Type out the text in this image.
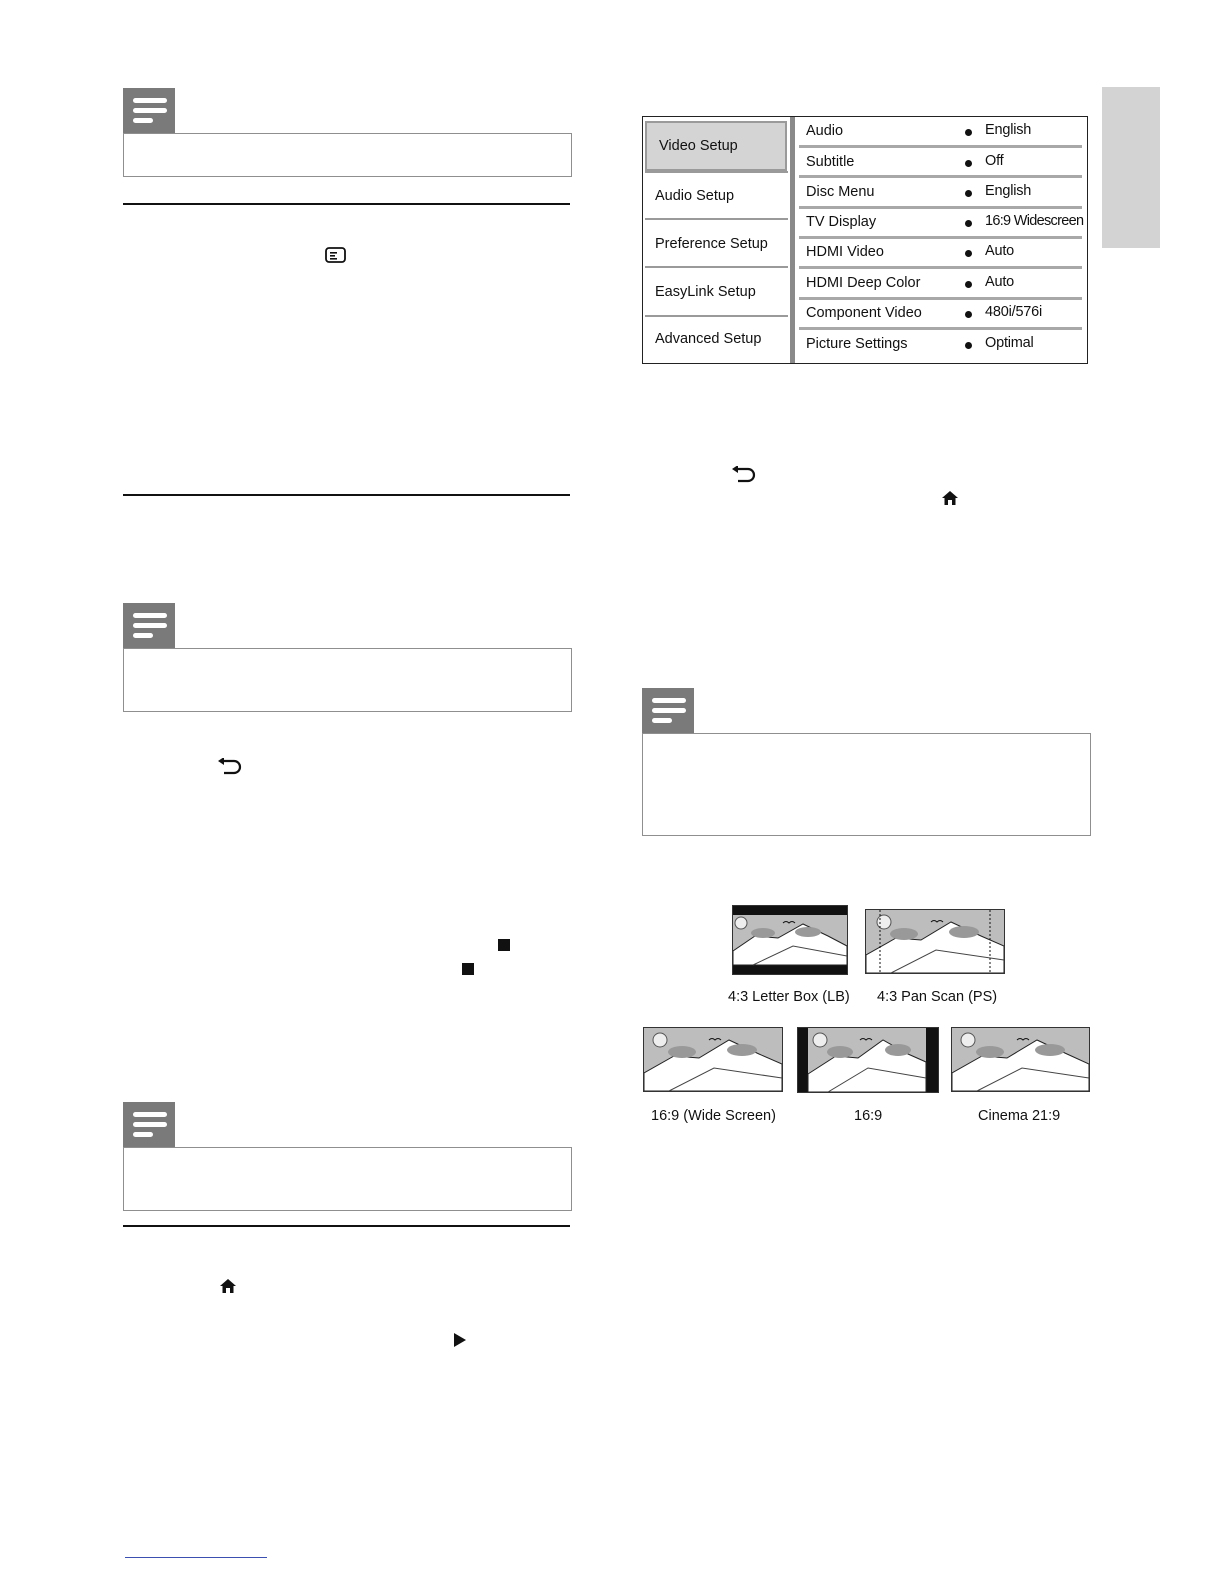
Video Setup
Audio Setup
Preference Setup
EasyLink Setup
Advanced Setup
Audio	English
Subtitle	Off
Disc Menu	English
TV Display	16:9 Widescreen
HDMI Video	Auto
HDMI Deep Color	Auto
Component Video	480i/576i
Picture Settings	Optimal
4:3 Letter Box (LB) 4:3 Pan Scan (PS)
16:9 (Wide Screen)	16:9	Cinema 21:9
